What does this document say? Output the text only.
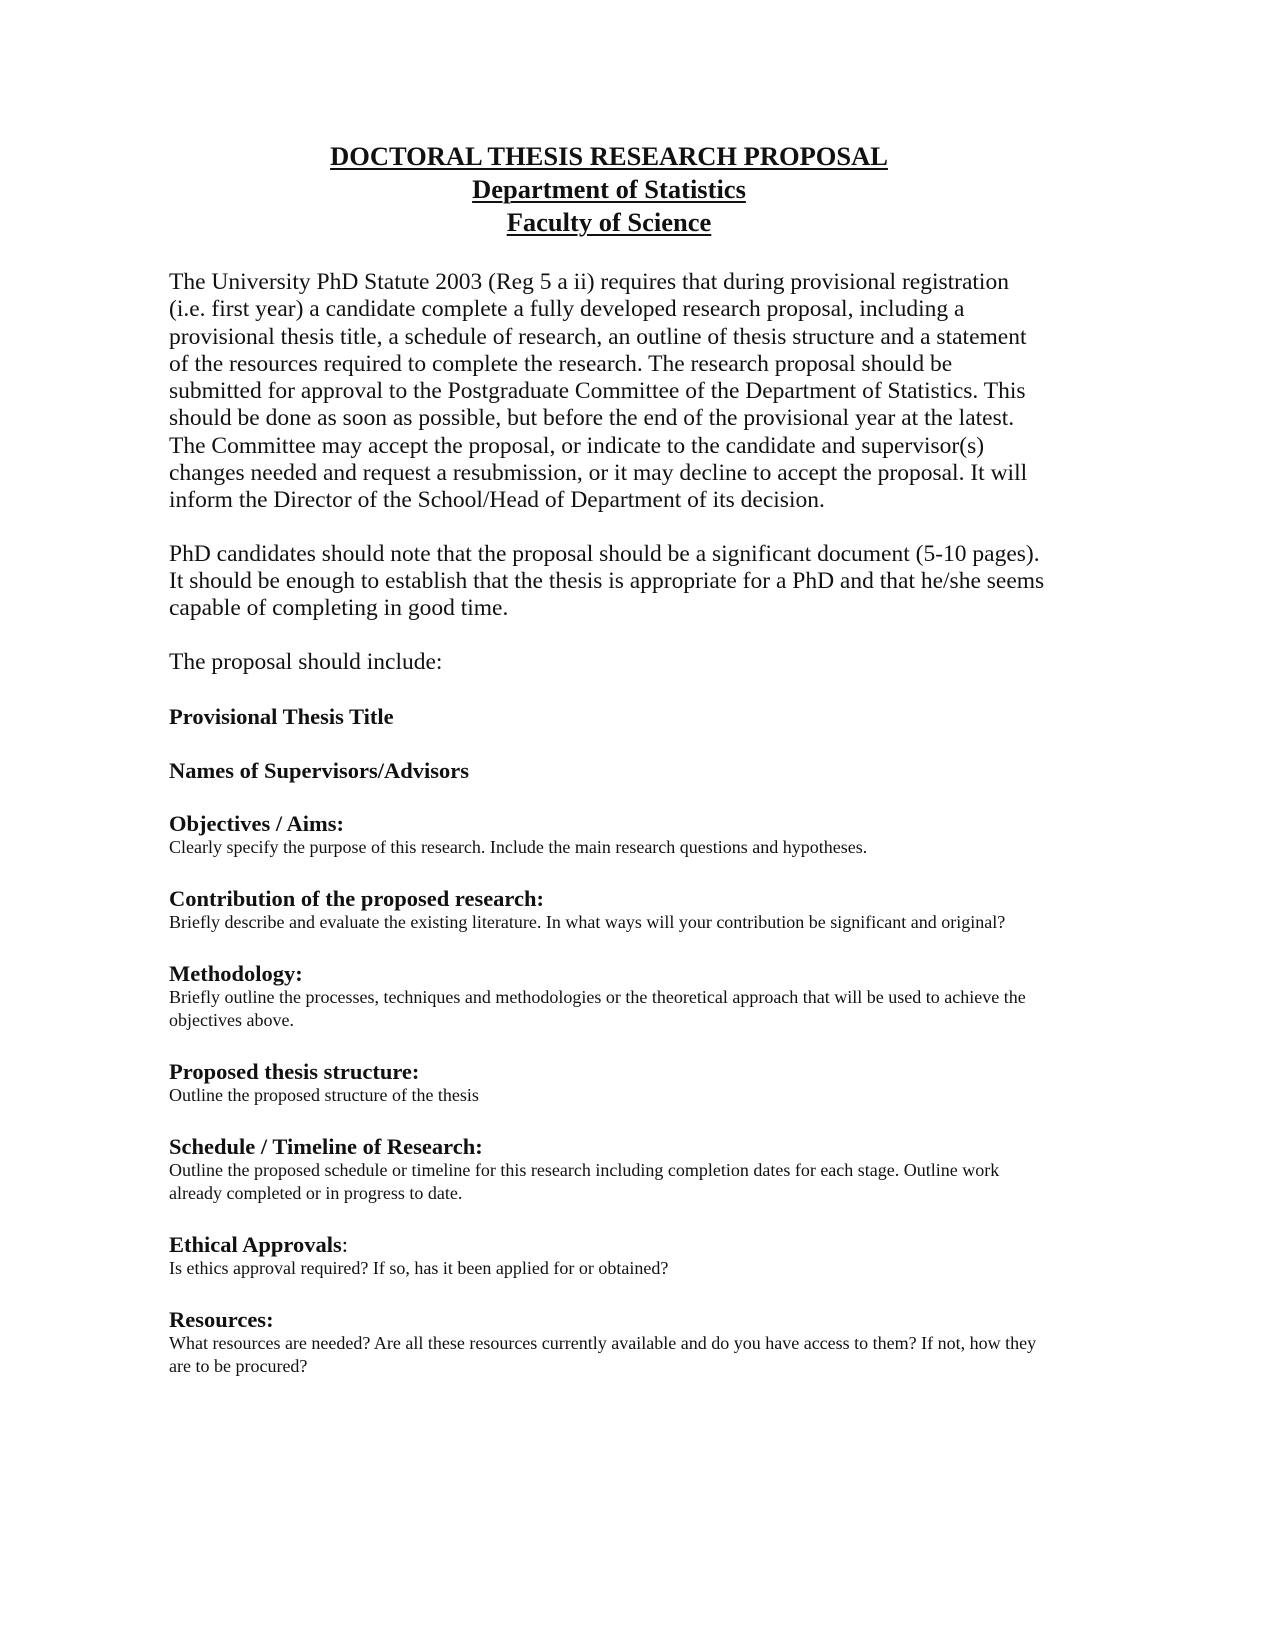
DOCTORAL THESIS RESEARCH PROPOSAL
Department of Statistics
Faculty of Science

The University PhD Statute 2003 (Reg 5 a ii) requires that during provisional registration (i.e. first year) a candidate complete a fully developed research proposal, including a provisional thesis title, a schedule of research, an outline of thesis structure and a statement of the resources required to complete the research. The research proposal should be submitted for approval to the Postgraduate Committee of the Department of Statistics. This should be done as soon as possible, but before the end of the provisional year at the latest. The Committee may accept the proposal, or indicate to the candidate and supervisor(s) changes needed and request a resubmission, or it may decline to accept the proposal. It will inform the Director of the School/Head of Department of its decision.

PhD candidates should note that the proposal should be a significant document (5-10 pages). It should be enough to establish that the thesis is appropriate for a PhD and that he/she seems capable of completing in good time.

The proposal should include:

Provisional Thesis Title

Names of Supervisors/Advisors

Objectives / Aims:

Clearly specify the purpose of this research. Include the main research questions and hypotheses.

Contribution of the proposed research:

Briefly describe and evaluate the existing literature. In what ways will your contribution be significant and original?

Methodology:

Briefly outline the processes, techniques and methodologies or the theoretical approach that will be used to achieve the objectives above.

Proposed thesis structure:

Outline the proposed structure of the thesis

Schedule / Timeline of Research:

Outline the proposed schedule or timeline for this research including completion dates for each stage. Outline work already completed or in progress to date.

Ethical Approvals:

Is ethics approval required? If so, has it been applied for or obtained?

Resources:

What resources are needed? Are all these resources currently available and do you have access to them? If not, how they are to be procured?
